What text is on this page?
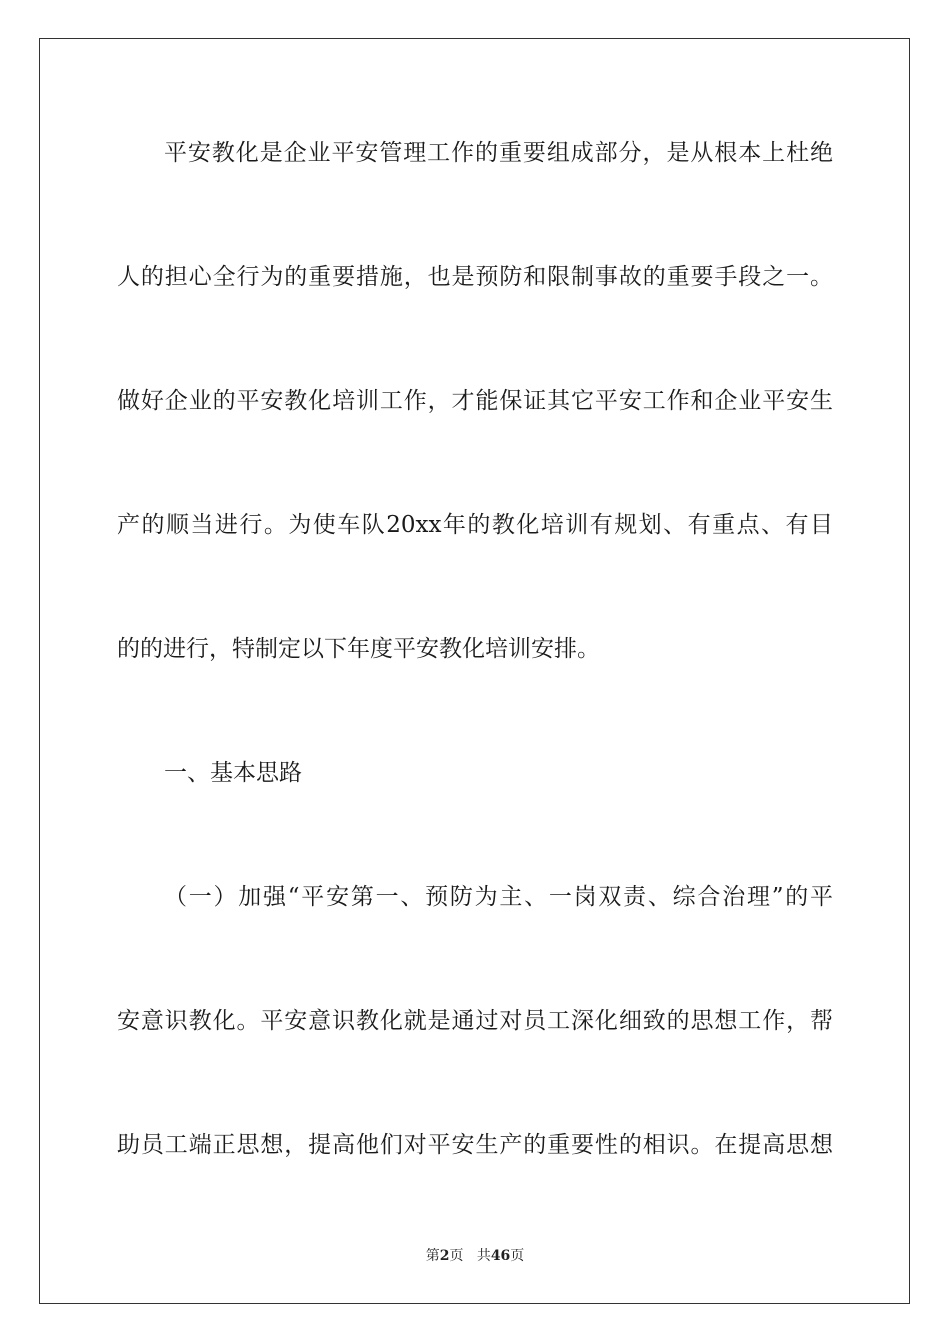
平安教化是企业平安管理工作的重要组成部分，是从根本上杜绝
人的担心全行为的重要措施，也是预防和限制事故的重要手段之一。
做好企业的平安教化培训工作，才能保证其它平安工作和企业平安生
产的顺当进行。为使车队20xx年的教化培训有规划、有重点、有目
的的进行，特制定以下年度平安教化培训安排。
一、基本思路
（一）加强“平安第一、预防为主、一岗双责、综合治理”的平
安意识教化。平安意识教化就是通过对员工深化细致的思想工作，帮
助员工端正思想，提高他们对平安生产的重要性的相识。在提高思想
第2页 共46页
